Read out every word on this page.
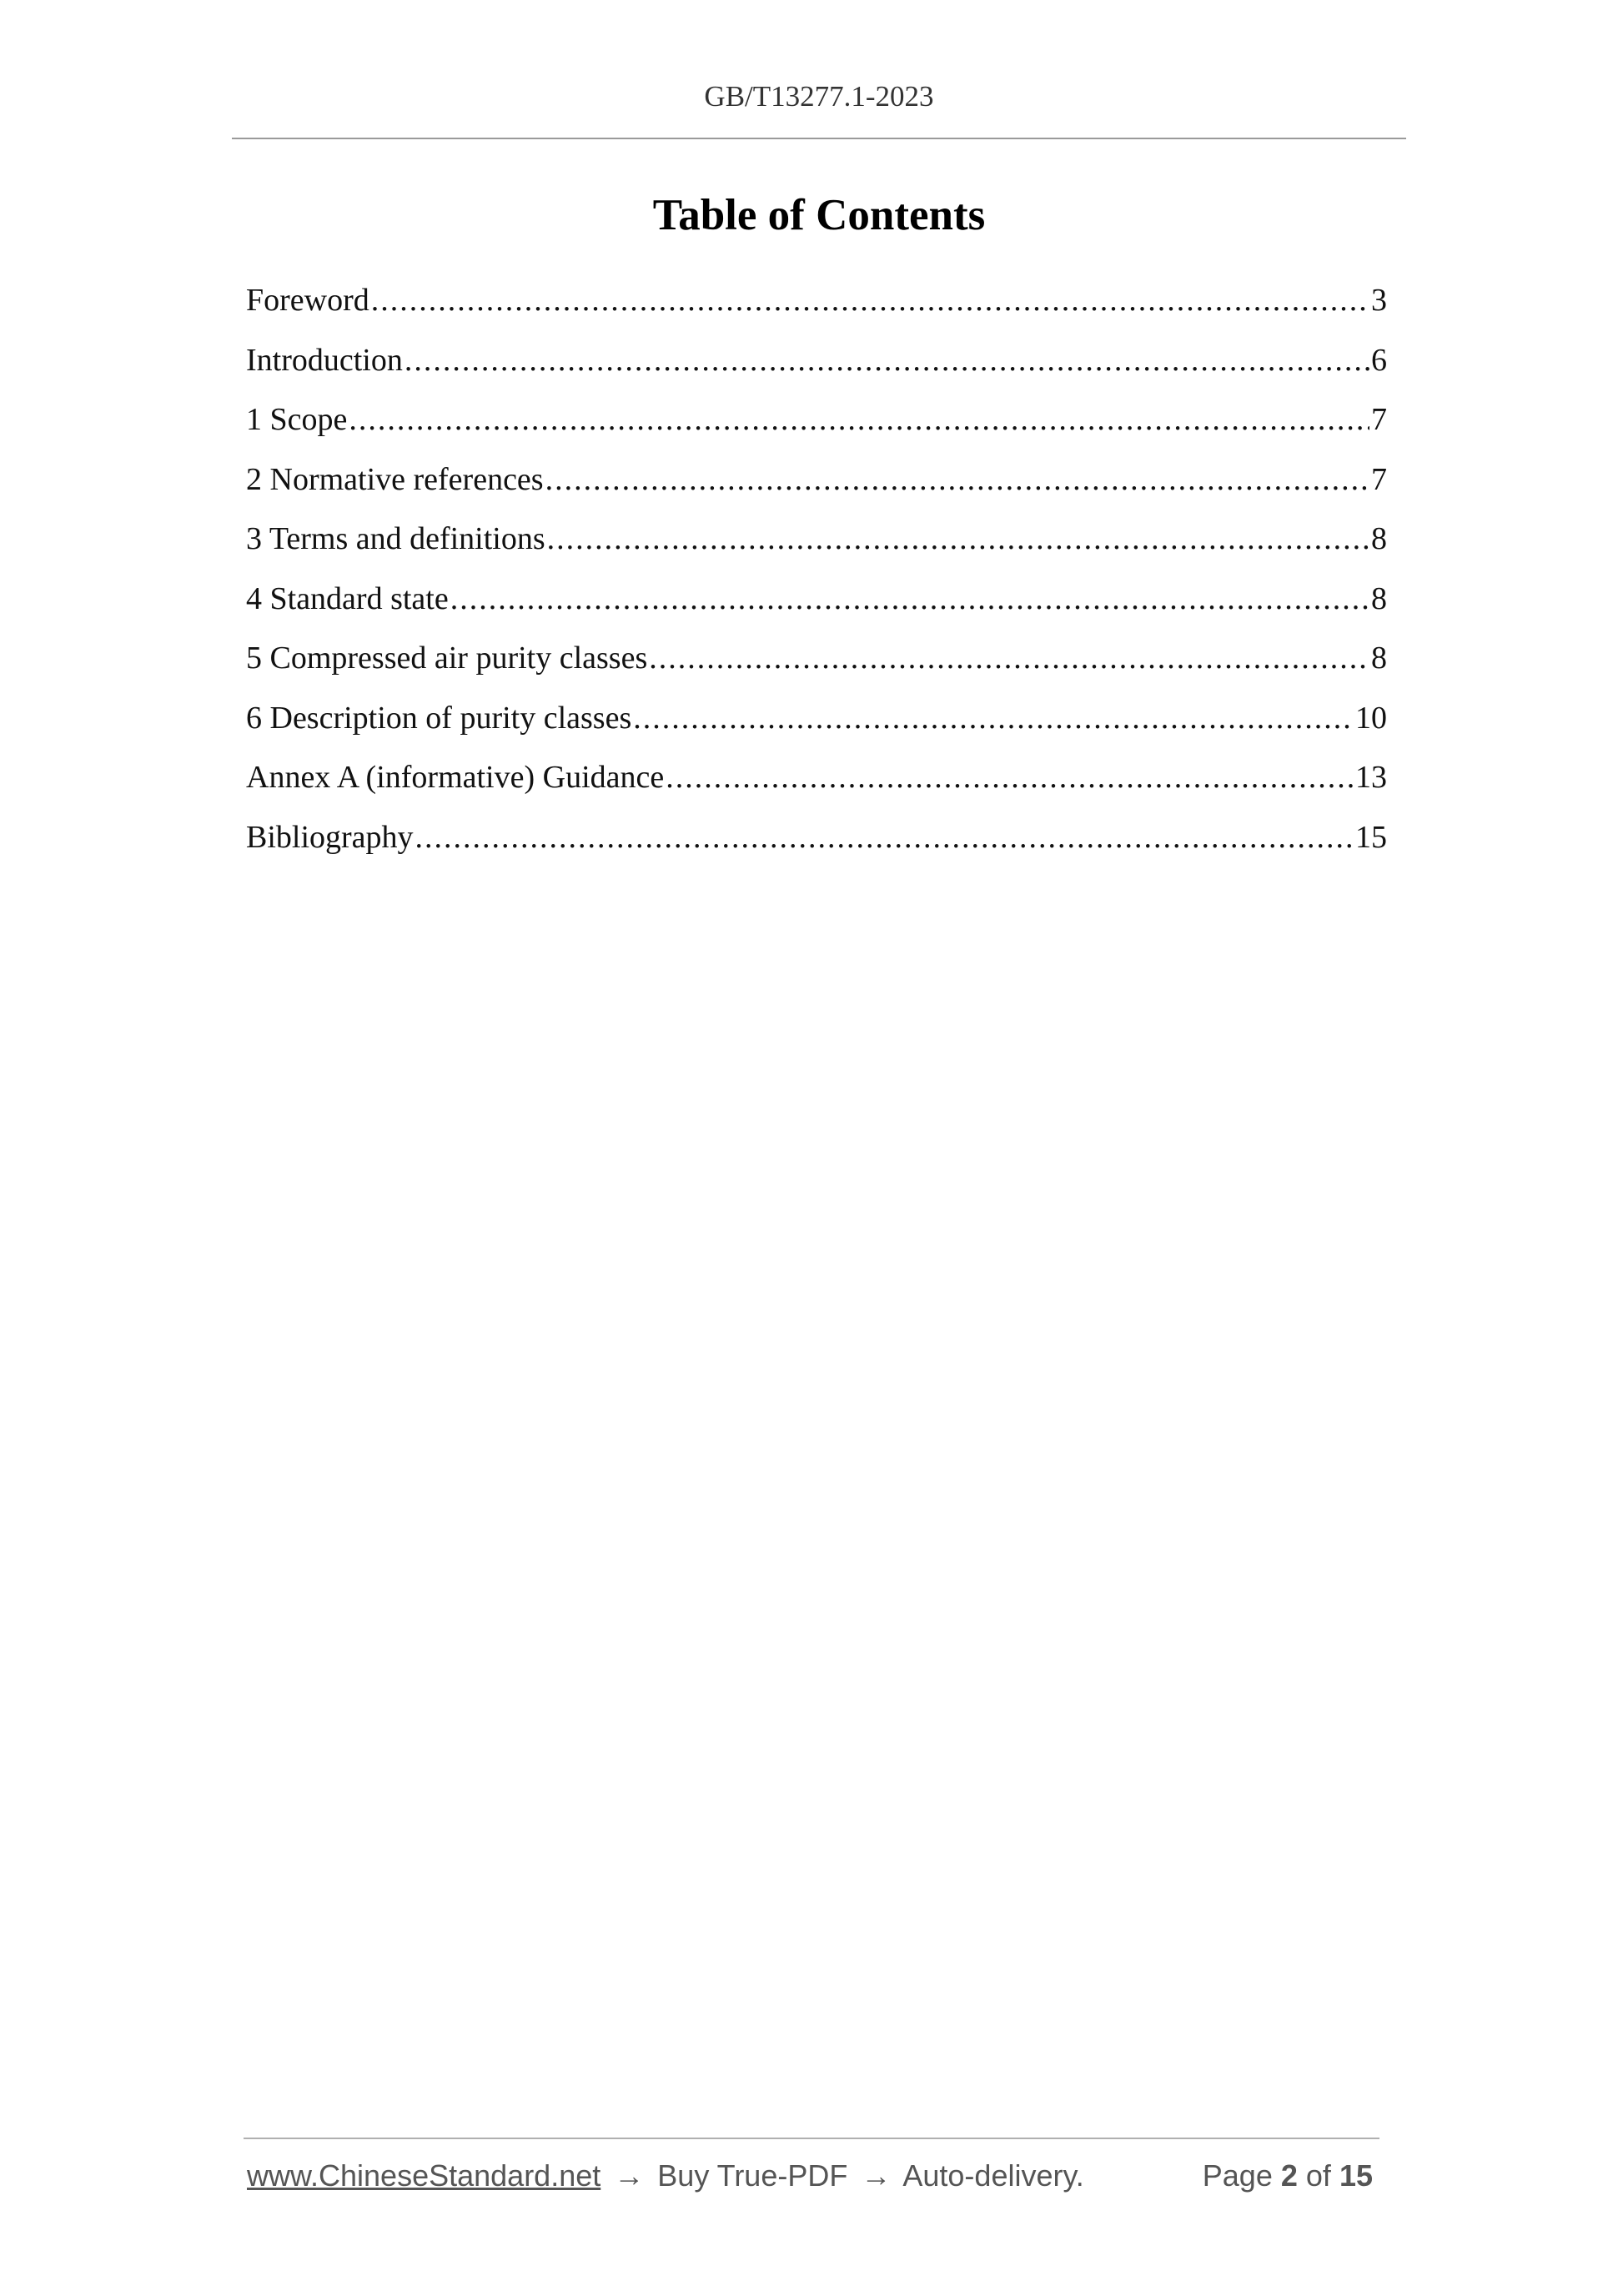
GB/T13277.1-2023
Table of Contents
Foreword .....	3
Introduction .....	6
1 Scope .....	7
2 Normative references .....	7
3 Terms and definitions .....	8
4 Standard state .....	8
5 Compressed air purity classes .....	8
6 Description of purity classes .....	10
Annex A (informative) Guidance .....	13
Bibliography .....	15
www.ChineseStandard.net → Buy True-PDF → Auto-delivery.	Page 2 of 15
